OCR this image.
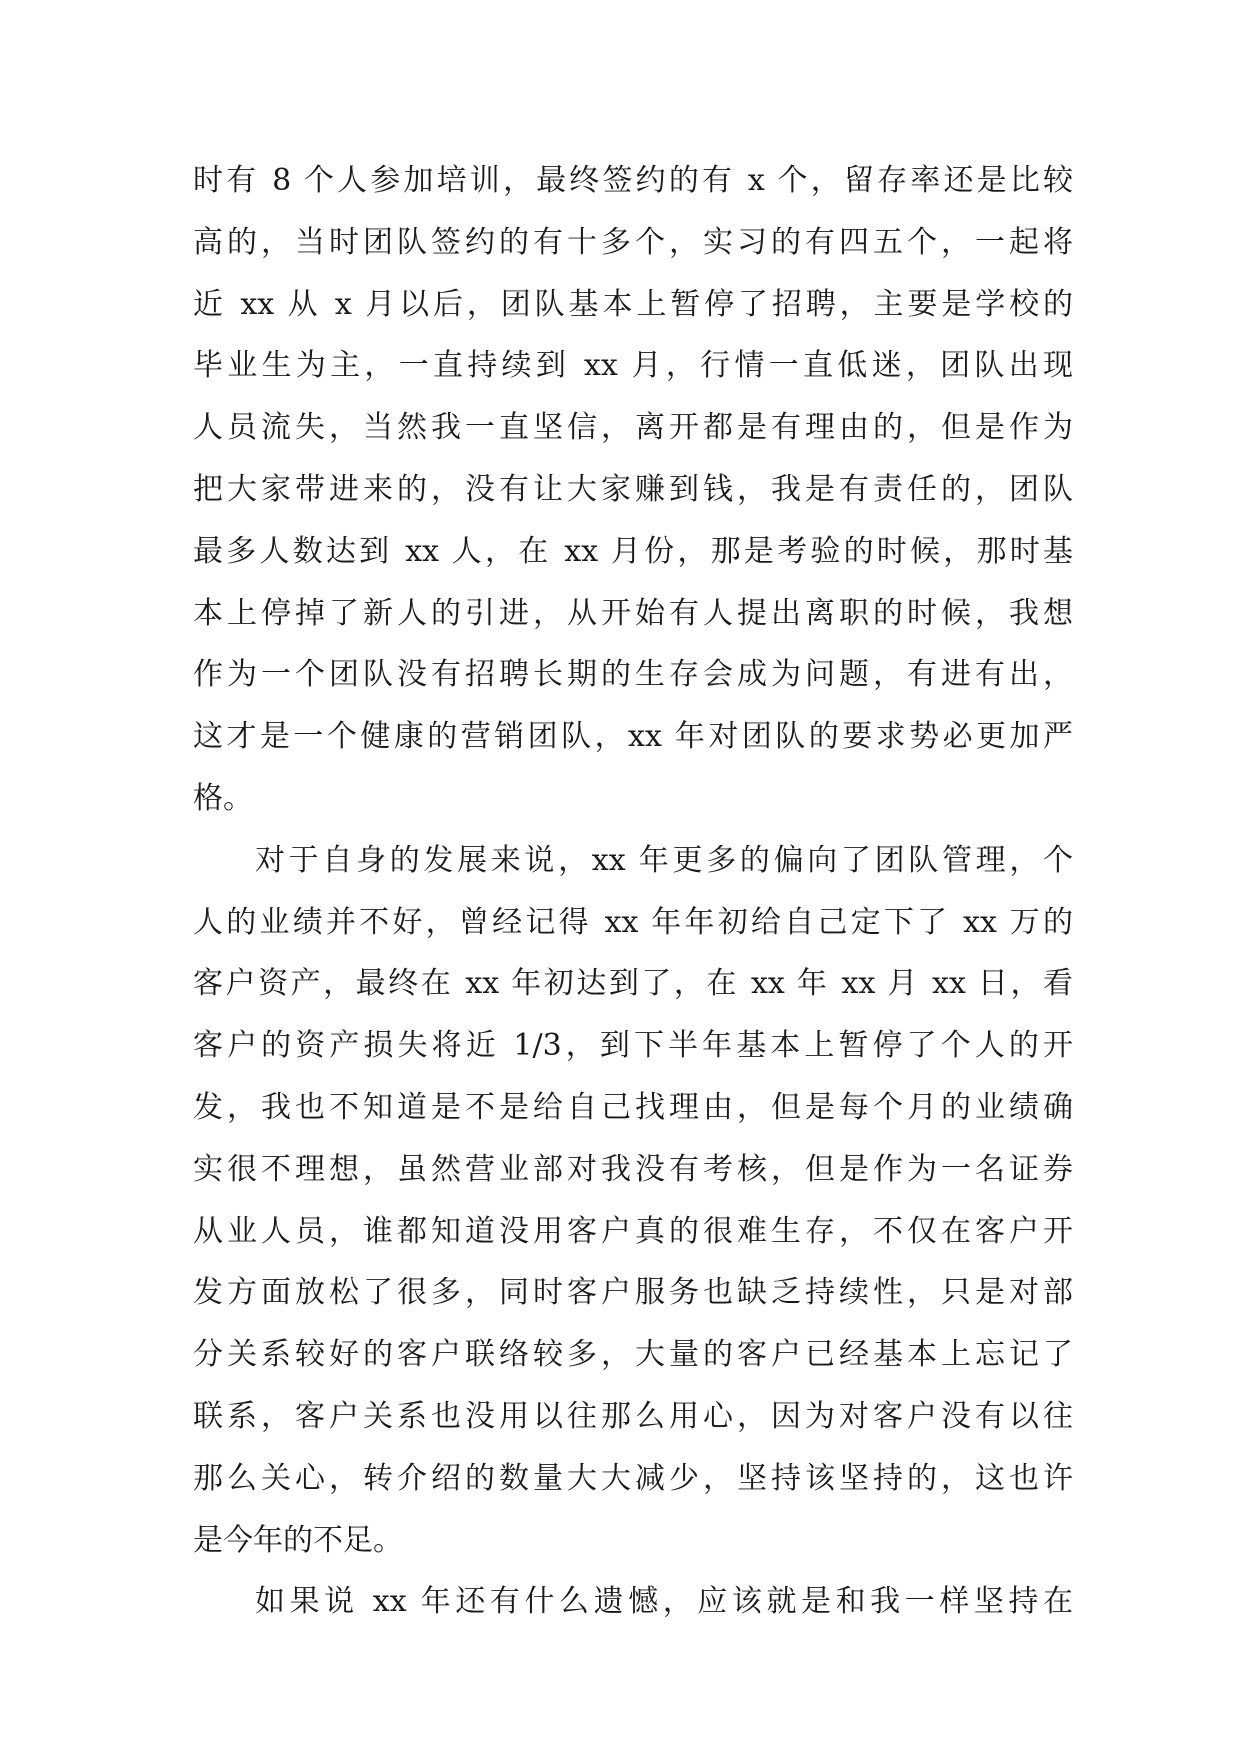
时有 8 个人参加培训，最终签约的有 x 个，留存率还是比较
高的，当时团队签约的有十多个，实习的有四五个，一起将
近 xx 从 x 月以后，团队基本上暂停了招聘，主要是学校的
毕业生为主，一直持续到 xx 月，行情一直低迷，团队出现
人员流失，当然我一直坚信，离开都是有理由的，但是作为
把大家带进来的，没有让大家赚到钱，我是有责任的，团队
最多人数达到 xx 人，在 xx 月份，那是考验的时候，那时基
本上停掉了新人的引进，从开始有人提出离职的时候，我想
作为一个团队没有招聘长期的生存会成为问题，有进有出，
这才是一个健康的营销团队，xx 年对团队的要求势必更加严
格。
对于自身的发展来说，xx 年更多的偏向了团队管理，个
人的业绩并不好，曾经记得 xx 年年初给自己定下了 xx 万的
客户资产，最终在 xx 年初达到了，在 xx 年 xx 月 xx 日，看
客户的资产损失将近 1/3，到下半年基本上暂停了个人的开
发，我也不知道是不是给自己找理由，但是每个月的业绩确
实很不理想，虽然营业部对我没有考核，但是作为一名证券
从业人员，谁都知道没用客户真的很难生存，不仅在客户开
发方面放松了很多，同时客户服务也缺乏持续性，只是对部
分关系较好的客户联络较多，大量的客户已经基本上忘记了
联系，客户关系也没用以往那么用心，因为对客户没有以往
那么关心，转介绍的数量大大减少，坚持该坚持的，这也许
是今年的不足。
如果说 xx 年还有什么遗憾，应该就是和我一样坚持在
